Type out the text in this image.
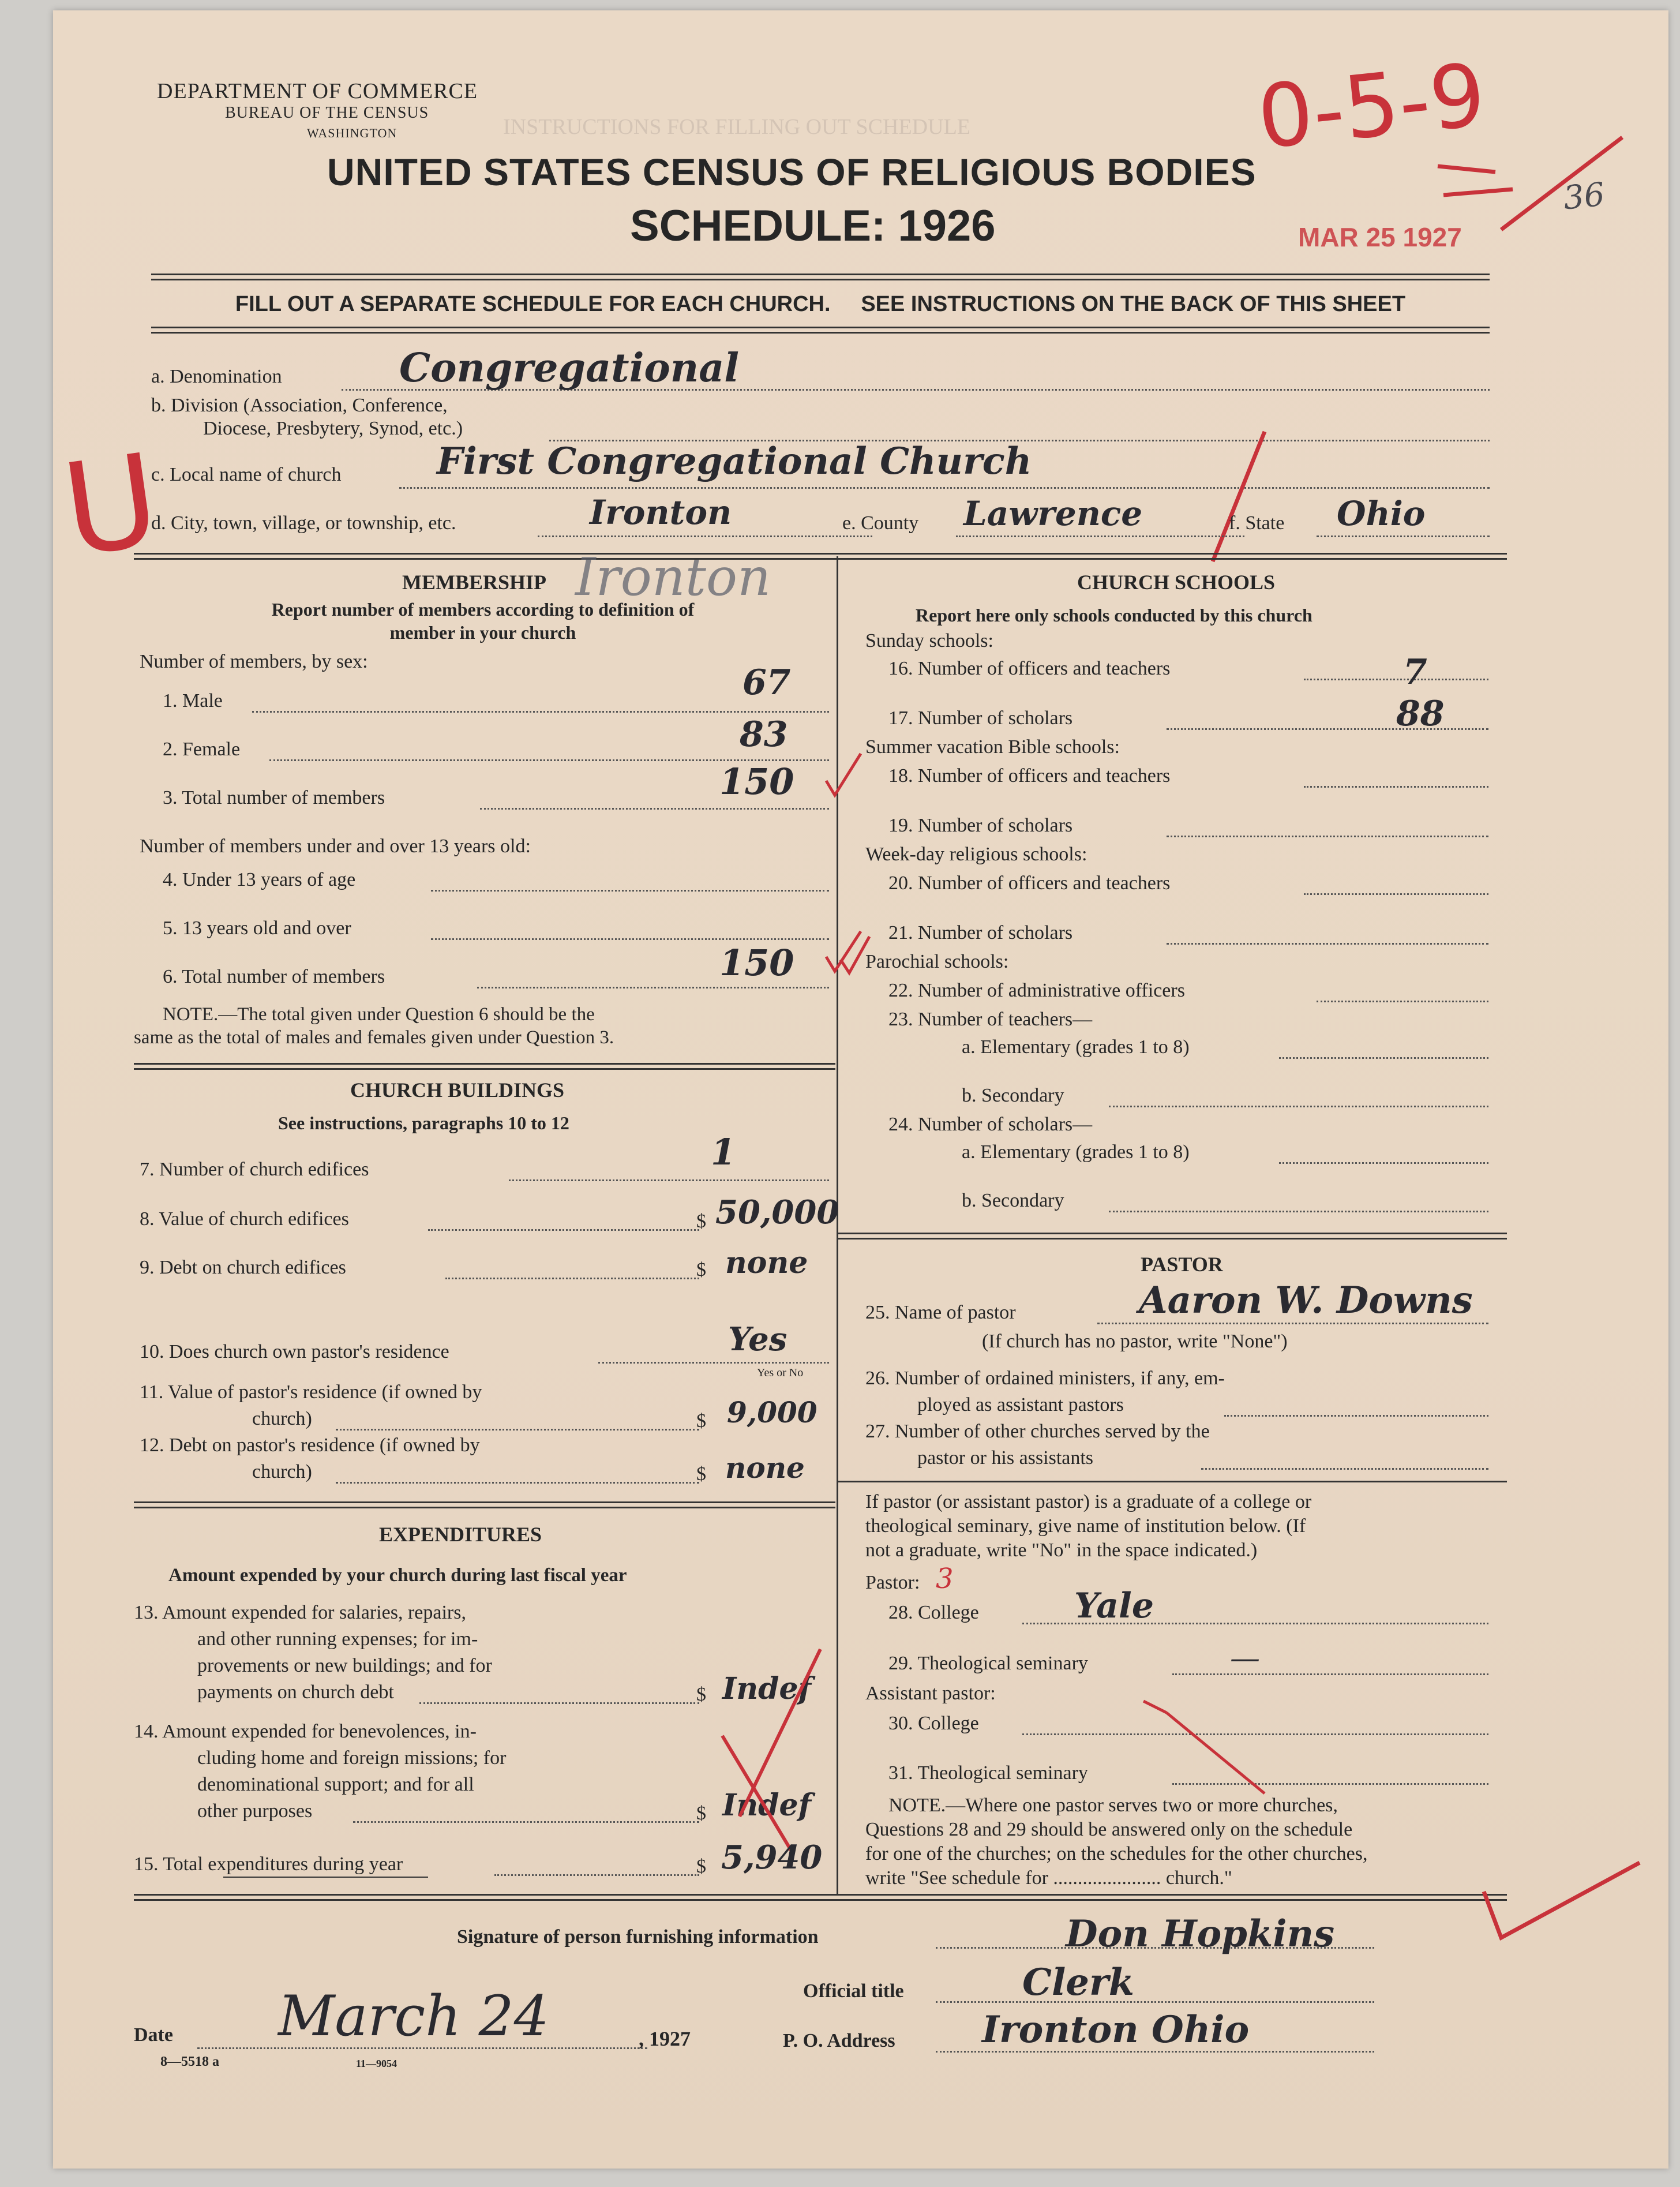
INSTRUCTIONS FOR FILLING OUT SCHEDULE
DEPARTMENT OF COMMERCE
BUREAU OF THE CENSUS
WASHINGTON
UNITED STATES CENSUS OF RELIGIOUS BODIES
SCHEDULE: 1926	MAR 25 1927
0-5-9
36
U
FILL OUT A SEPARATE SCHEDULE FOR EACH CHURCH.     SEE INSTRUCTIONS ON THE BACK OF THIS SHEET
a. Denomination	Congregational
b. Division (Association, Conference,
Diocese, Presbytery, Synod, etc.)
c. Local name of church	First Congregational Church
d. City, town, village, or township, etc.	Ironton	e. County Lawrence	f. State Ohio
MEMBERSHIP Ironton
Report number of members according to definition of
member in your church
Number of members, by sex:
1. Male	67
2. Female	83
3. Total number of members	150
Number of members under and over 13 years old:
4. Under 13 years of age
5. 13 years old and over
6. Total number of members	150
NOTE.—The total given under Question 6 should be the
same as the total of males and females given under Question 3.
CHURCH BUILDINGS
See instructions, paragraphs 10 to 12
7. Number of church edifices	1
8. Value of church edifices	$ 50,000
9. Debt on church edifices	$ none
10. Does church own pastor's residence	Yes
Yes or No
11. Value of pastor's residence (if owned by
church)	$ 9,000
12. Debt on pastor's residence (if owned by
church)	$ none
EXPENDITURES
Amount expended by your church during last fiscal year
13. Amount expended for salaries, repairs,
and other running expenses; for im-
provements or new buildings; and for
payments on church debt	$ Indef
14. Amount expended for benevolences, in-
cluding home and foreign missions; for
denominational support; and for all
other purposes	$ Indef
15. Total expenditures during year	$ 5,940
CHURCH SCHOOLS
Report here only schools conducted by this church
Sunday schools:
16. Number of officers and teachers	7
17. Number of scholars	88
Summer vacation Bible schools:
18. Number of officers and teachers
19. Number of scholars
Week-day religious schools:
20. Number of officers and teachers
21. Number of scholars
Parochial schools:
22. Number of administrative officers
23. Number of teachers—
a. Elementary (grades 1 to 8)
b. Secondary
24. Number of scholars—
a. Elementary (grades 1 to 8)
b. Secondary
PASTOR
25. Name of pastor	Aaron W. Downs
(If church has no pastor, write "None")
26. Number of ordained ministers, if any, em-
ployed as assistant pastors
27. Number of other churches served by the
pastor or his assistants
If pastor (or assistant pastor) is a graduate of a college or
theological seminary, give name of institution below. (If
not a graduate, write "No" in the space indicated.)
Pastor: 3
28. College	Yale
29. Theological seminary	—
Assistant pastor:
30. College
31. Theological seminary
NOTE.—Where one pastor serves two or more churches,
Questions 28 and 29 should be answered only on the schedule
for one of the churches; on the schedules for the other churches,
write "See schedule for ...................... church."
Signature of person furnishing information	Don Hopkins
Official title	Clerk
Date March 24	, 1927	P. O. Address Ironton Ohio
8—5518 a	11—9054
